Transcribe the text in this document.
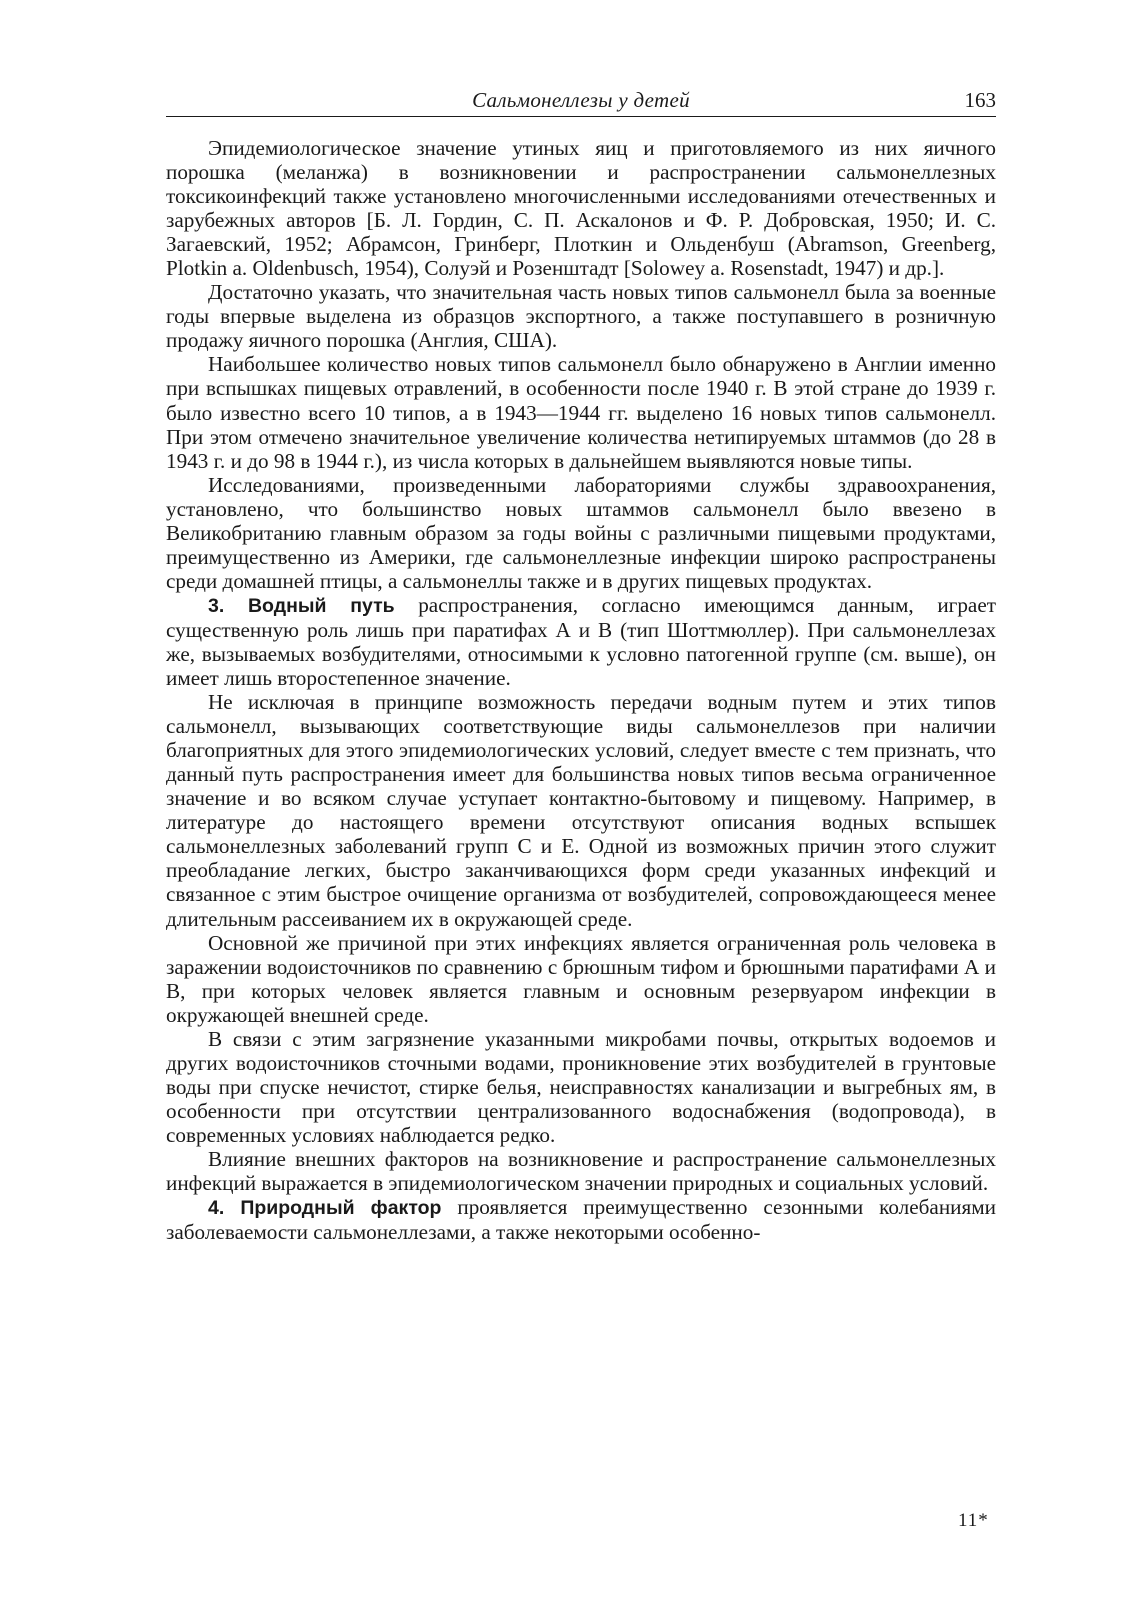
Сальмонеллезы у детей	163

Эпидемиологическое значение утиных яиц и приготовляемого из них яичного порошка (меланжа) в возникновении и распространении сальмонеллезных токсикоинфекций также установлено многочисленными исследованиями отечественных и зарубежных авторов [Б. Л. Гордин, С. П. Аскалонов и Ф. Р. Добровская, 1950; И. С. Загаевский, 1952; Абрамсон, Гринберг, Плоткин и Ольденбуш (Abramson, Greenberg, Plotkin a. Oldenbusch, 1954), Солуэй и Розенштадт [Solowey a. Rosenstadt, 1947) и др.].

Достаточно указать, что значительная часть новых типов сальмонелл была за военные годы впервые выделена из образцов экспортного, а также поступавшего в розничную продажу яичного порошка (Англия, США).

Наибольшее количество новых типов сальмонелл было обнаружено в Англии именно при вспышках пищевых отравлений, в особенности после 1940 г. В этой стране до 1939 г. было известно всего 10 типов, а в 1943—1944 гг. выделено 16 новых типов сальмонелл. При этом отмечено значительное увеличение количества нетипируемых штаммов (до 28 в 1943 г. и до 98 в 1944 г.), из числа которых в дальнейшем выявляются новые типы.

Исследованиями, произведенными лабораториями службы здравоохранения, установлено, что большинство новых штаммов сальмонелл было ввезено в Великобританию главным образом за годы войны с различными пищевыми продуктами, преимущественно из Америки, где сальмонеллезные инфекции широко распространены среди домашней птицы, а сальмонеллы также и в других пищевых продуктах.

3. Водный путь распространения, согласно имеющимся данным, играет существенную роль лишь при паратифах А и В (тип Шоттмюллер). При сальмонеллезах же, вызываемых возбудителями, относимыми к условно патогенной группе (см. выше), он имеет лишь второстепенное значение.

Не исключая в принципе возможность передачи водным путем и этих типов сальмонелл, вызывающих соответствующие виды сальмонеллезов при наличии благоприятных для этого эпидемиологических условий, следует вместе с тем признать, что данный путь распространения имеет для большинства новых типов весьма ограниченное значение и во всяком случае уступает контактно-бытовому и пищевому. Например, в литературе до настоящего времени отсутствуют описания водных вспышек сальмонеллезных заболеваний групп С и Е. Одной из возможных причин этого служит преобладание легких, быстро заканчивающихся форм среди указанных инфекций и связанное с этим быстрое очищение организма от возбудителей, сопровождающееся менее длительным рассеиванием их в окружающей среде.

Основной же причиной при этих инфекциях является ограниченная роль человека в заражении водоисточников по сравнению с брюшным тифом и брюшными паратифами А и В, при которых человек является главным и основным резервуаром инфекции в окружающей внешней среде.

В связи с этим загрязнение указанными микробами почвы, открытых водоемов и других водоисточников сточными водами, проникновение этих возбудителей в грунтовые воды при спуске нечистот, стирке белья, неисправностях канализации и выгребных ям, в особенности при отсутствии централизованного водоснабжения (водопровода), в современных условиях наблюдается редко.

Влияние внешних факторов на возникновение и распространение сальмонеллезных инфекций выражается в эпидемиологическом значении природных и социальных условий.

4. Природный фактор проявляется преимущественно сезонными колебаниями заболеваемости сальмонеллезами, а также некоторыми особенно-

11*
